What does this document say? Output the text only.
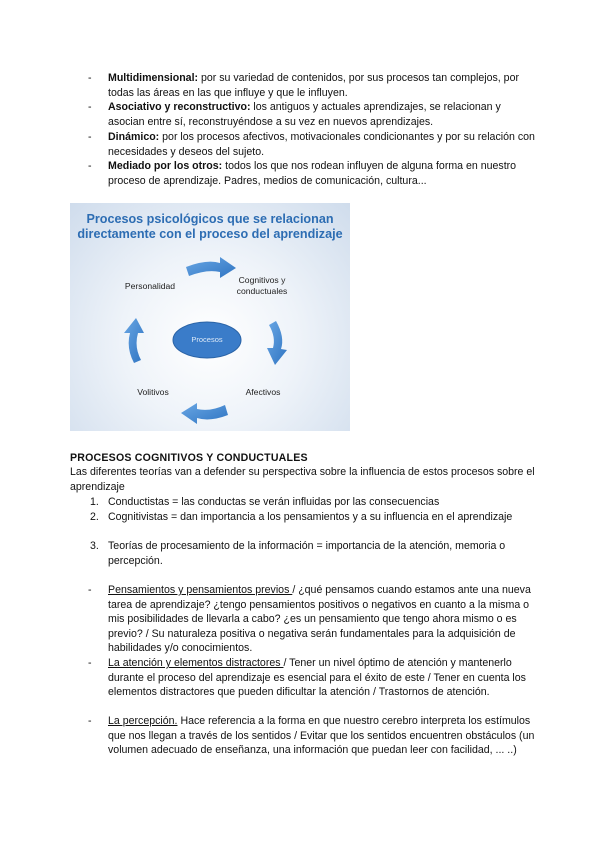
- Multidimensional: por su variedad de contenidos, por sus procesos tan complejos, por todas las áreas en las que influye y que le influyen.
- Asociativo y reconstructivo: los antiguos y actuales aprendizajes, se relacionan y asocian entre sí, reconstruyéndose a su vez en nuevos aprendizajes.
- Dinámico: por los procesos afectivos, motivacionales condicionantes y por su relación con necesidades y deseos del sujeto.
- Mediado por los otros: todos los que nos rodean influyen de alguna forma en nuestro proceso de aprendizaje. Padres, medios de comunicación, cultura...
Procesos psicológicos que se relacionan
directamente con el proceso del aprendizaje
Procesos
Personalidad
Cognitivos y
conductuales
Afectivos
Volitivos
PROCESOS COGNITIVOS Y CONDUCTUALES
Las diferentes teorías van a defender su perspectiva sobre la influencia de estos procesos sobre el aprendizaje
1. Conductistas = las conductas se verán influidas por las consecuencias
2. Cognitivistas = dan importancia a los pensamientos y a su influencia en el aprendizaje
3. Teorías de procesamiento de la información = importancia de la atención, memoria o percepción.
- Pensamientos y pensamientos previos / ¿qué pensamos cuando estamos ante una nueva tarea de aprendizaje? ¿tengo pensamientos positivos o negativos en cuanto a la misma o mis posibilidades de llevarla a cabo? ¿es un pensamiento que tengo ahora mismo o es previo? / Su naturaleza positiva o negativa serán fundamentales para la adquisición de habilidades y/o conocimientos.
- La atención y elementos distractores / Tener un nivel óptimo de atención y mantenerlo durante el proceso del aprendizaje es esencial para el éxito de este / Tener en cuenta los elementos distractores que pueden dificultar la atención / Trastornos de atención.
- La percepción. Hace referencia a la forma en que nuestro cerebro interpreta los estímulos que nos llegan a través de los sentidos / Evitar que los sentidos encuentren obstáculos (un volumen adecuado de enseñanza, una información que puedan leer con facilidad, ... ..)
